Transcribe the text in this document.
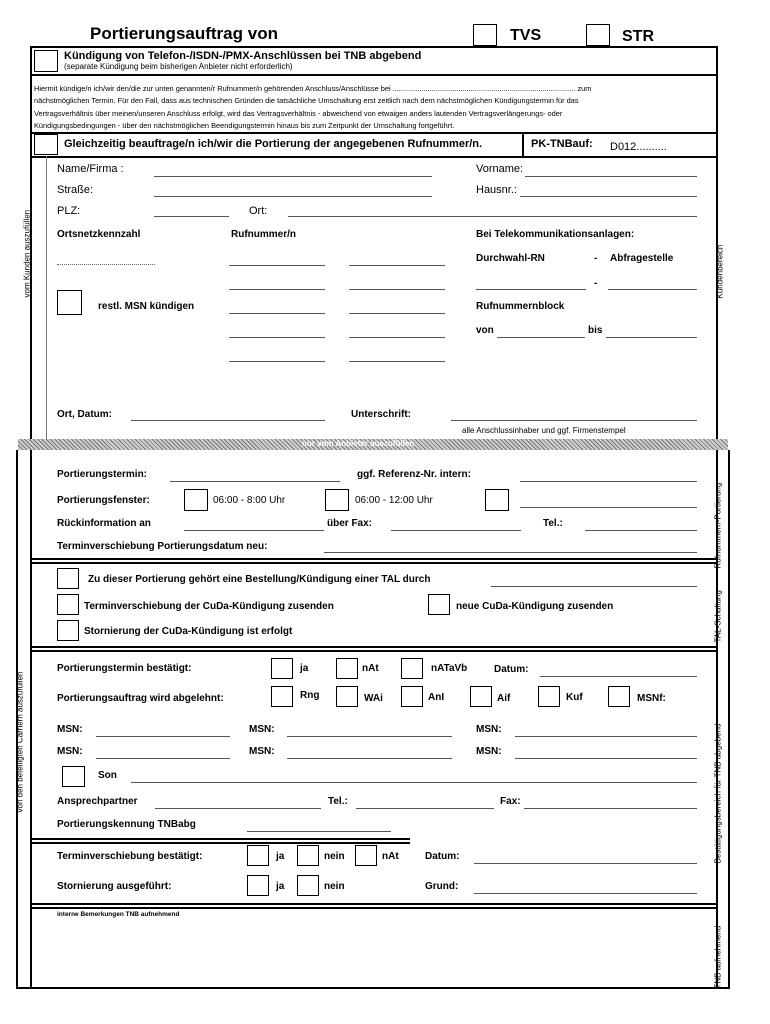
Portierungsauftrag von	TVS	STR
Kündigung von Telefon-/ISDN-/PMX-Anschlüssen bei TNB abgebend
(separate Kündigung beim bisherigen Anbieter nicht erforderlich)
Hiermit kündige/n ich/wir den/die zur unten genannten/r Rufnummer/n gehörenden Anschluss/Anschlüsse bei ......................................................................................... zum
nächstmöglichen Termin. Für den Fall, dass aus technischen Gründen die tatsächliche Umschaltung erst zeitlich nach dem nächstmöglichen Kündigungstermin für das
Vertragsverhältnis über meinen/unseren Anschluss erfolgt, wird das Vertragsverhältnis - abweichend von etwaigen anders lautenden Vertragsverlängerungs- oder
Kündigungsbedingungen - über den nächstmöglichen Beendigungstermin hinaus bis zum Zeitpunkt der Umschaltung fortgeführt.
Gleichzeitig beauftrage/n ich/wir die Portierung der angegebenen Rufnummer/n.	PK-TNBauf: D012..........
vom Kunden auszufüllen	Kundenbereich
Name/Firma :	Vorname:
Straße:	Hausnr.:
PLZ:	Ort:
Ortsnetzkennzahl	Rufnummer/n	Bei Telekommunikationsanlagen:
Durchwahl-RN	- Abfragestelle
-
restl. MSN kündigen	Rufnummernblock
von	bis
Ort, Datum:	Unterschrift:
alle Anschlussinhaber und ggf. Firmenstempel
nur vom Anbieter auszufüllen
Rufnummern-Portierung
TAL-Schaltung
von den beteiligten Carriern auszufüllen	Bestätigungsbereich für TNB abgebend
TNB aufnehmend
Portierungstermin:	ggf. Referenz-Nr. intern:
Portierungsfenster:	06:00 - 8:00 Uhr	06:00 - 12:00 Uhr
Rückinformation an	über Fax:	Tel.:
Terminverschiebung Portierungsdatum neu:
Zu dieser Portierung gehört eine Bestellung/Kündigung einer TAL durch
Terminverschiebung der CuDa-Kündigung zusenden	neue CuDa-Kündigung zusenden
Stornierung der CuDa-Kündigung ist erfolgt
Portierungstermin bestätigt:	ja	nAt	nATaVb	Datum:
Portierungsauftrag wird abgelehnt:	Rng	WAi	AnI	Aif	Kuf	MSNf:
MSN:	MSN:	MSN:
MSN:	MSN:	MSN:
Son
Ansprechpartner	Tel.:	Fax:
Portierungskennung TNBabg
Terminverschiebung bestätigt:	ja	nein	nAt	Datum:
Stornierung ausgeführt:	ja	nein	Grund:
interne Bemerkungen TNB aufnehmend
